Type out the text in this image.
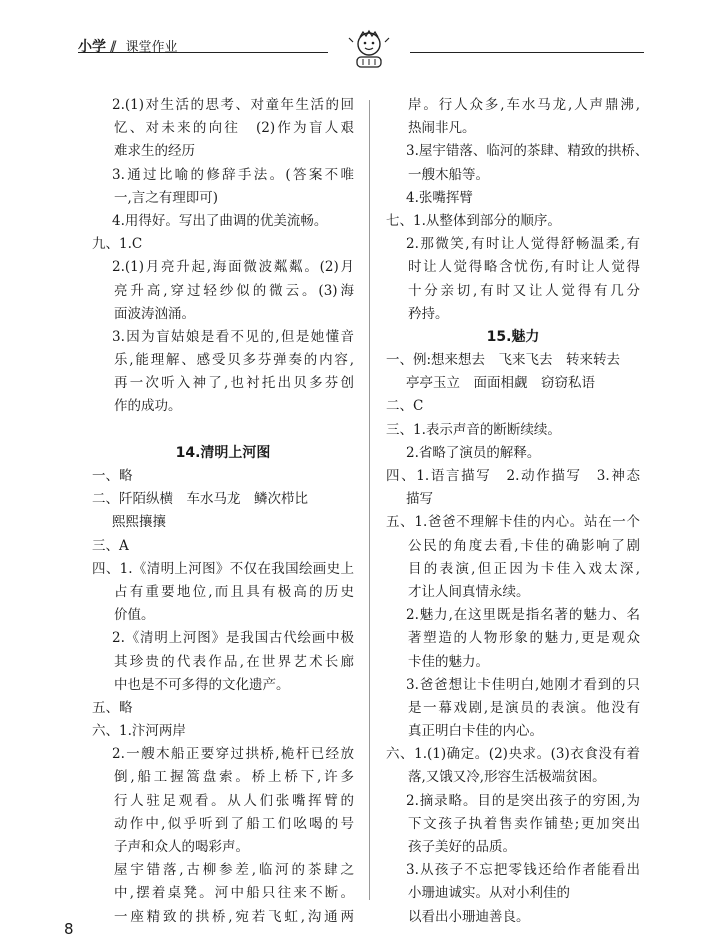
小学 // 课堂作业
2.(1)对生活的思考、对童年生活的回
忆、对未来的向往　(2)作为盲人艰
难求生的经历
3.通过比喻的修辞手法。(答案不唯
一,言之有理即可)
4.用得好。写出了曲调的优美流畅。
九、1.C
2.(1)月亮升起,海面微波粼粼。(2)月
亮升高,穿过轻纱似的微云。(3)海
面波涛汹涌。
3.因为盲姑娘是看不见的,但是她懂音
乐,能理解、感受贝多芬弹奏的内容,
再一次听入神了,也衬托出贝多芬创
作的成功。
14.清明上河图
一、略
二、阡陌纵横　车水马龙　鳞次栉比
熙熙攘攘
三、A
四、1.《清明上河图》不仅在我国绘画史上
占有重要地位,而且具有极高的历史
价值。
2.《清明上河图》是我国古代绘画中极
其珍贵的代表作品,在世界艺术长廊
中也是不可多得的文化遗产。
五、略
六、1.汴河两岸
2.一艘木船正要穿过拱桥,桅杆已经放
倒,船工握篙盘索。桥上桥下,许多
行人驻足观看。从人们张嘴挥臂的
动作中,似乎听到了船工们吆喝的号
子声和众人的喝彩声。
屋宇错落,古柳参差,临河的茶肆之
中,摆着桌凳。河中船只往来不断。
一座精致的拱桥,宛若飞虹,沟通两
岸。行人众多,车水马龙,人声鼎沸,
热闹非凡。
3.屋宇错落、临河的茶肆、精致的拱桥、
一艘木船等。
4.张嘴挥臂
七、1.从整体到部分的顺序。
2.那微笑,有时让人觉得舒畅温柔,有
时让人觉得略含忧伤,有时让人觉得
十分亲切,有时又让人觉得有几分
矜持。
15.魅力
一、例:想来想去　飞来飞去　转来转去
亭亭玉立　面面相觑　窃窃私语
二、C
三、1.表示声音的断断续续。
2.省略了演员的解释。
四、1.语言描写　2.动作描写　3.神态
描写
五、1.爸爸不理解卡佳的内心。站在一个
公民的角度去看,卡佳的确影响了剧
目的表演,但正因为卡佳入戏太深,
才让人间真情永续。
2.魅力,在这里既是指名著的魅力、名
著塑造的人物形象的魅力,更是观众
卡佳的魅力。
3.爸爸想让卡佳明白,她刚才看到的只
是一幕戏剧,是演员的表演。他没有
真正明白卡佳的内心。
六、1.(1)确定。(2)央求。(3)衣食没有着
落,又饿又冷,形容生活极端贫困。
2.摘录略。目的是突出孩子的穷困,为
下文孩子执着售卖作铺垫;更加突出
孩子美好的品质。
3.从孩子不忘把零钱还给作者能看出
小珊迪诚实。从对小利佳的
以看出小珊迪善良。
8
